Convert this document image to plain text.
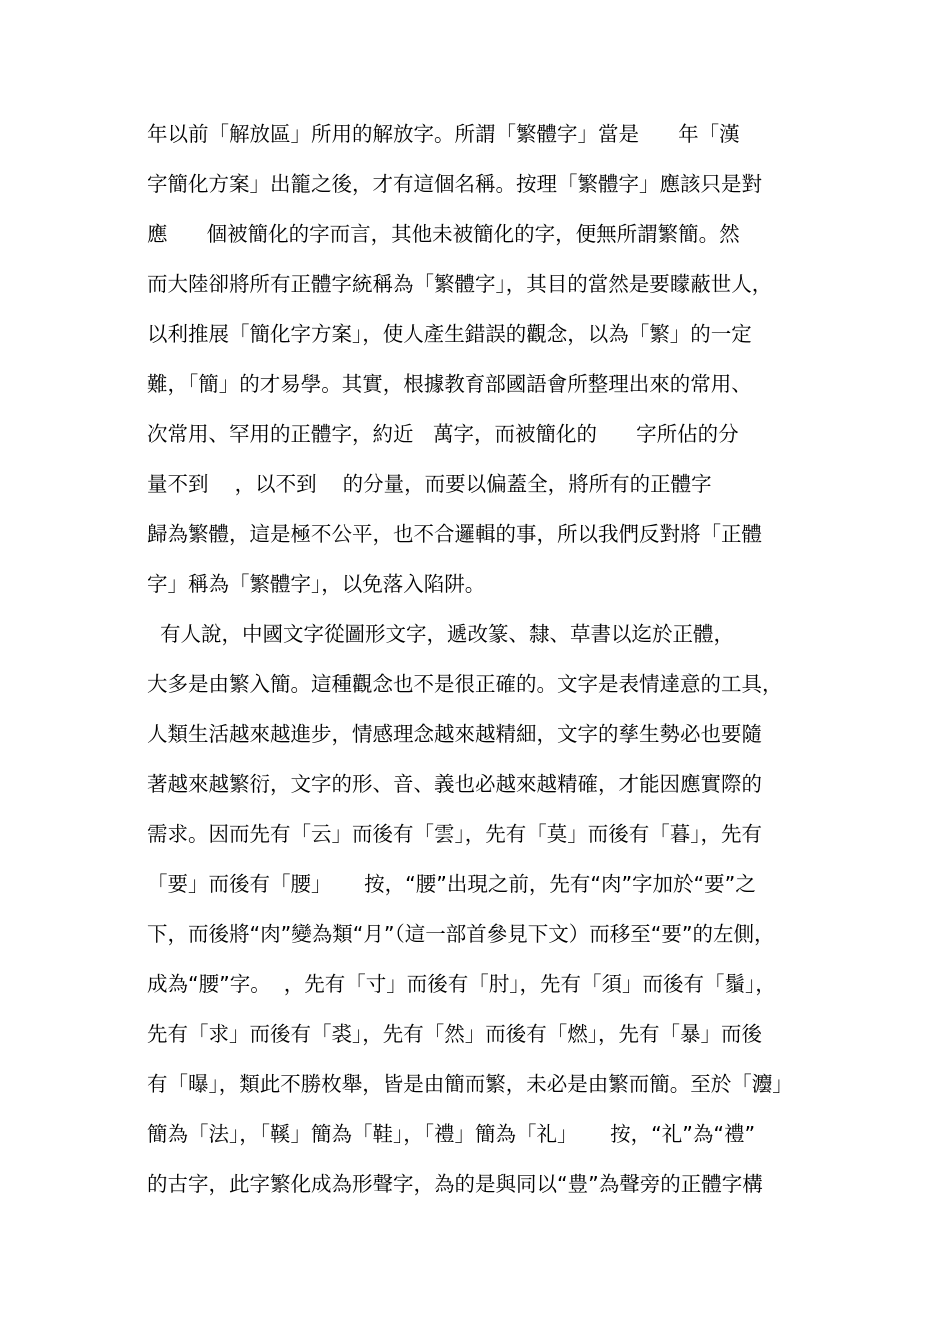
年以前「解放區」所用的解放字。所謂「繁體字」當是      年「漢
字簡化方案」出籠之後，才有這個名稱。按理「繁體字」應該只是對
應      個被簡化的字而言，其他未被簡化的字，便無所謂繁簡。然
而大陸卻將所有正體字統稱為「繁體字」，其目的當然是要矇蔽世人，
以利推展「簡化字方案」，使人產生錯誤的觀念，以為「繁」的一定
難，「簡」的才易學。其實，根據教育部國語會所整理出來的常用、
次常用、罕用的正體字，約近   萬字，而被簡化的      字所佔的分
量不到    ，以不到    的分量，而要以偏蓋全，將所有的正體字
歸為繁體，這是極不公平，也不合邏輯的事，所以我們反對將「正體
字」稱為「繁體字」，以免落入陷阱。
有人說，中國文字從圖形文字，遞改篆、隸、草書以迄於正體，
大多是由繁入簡。這種觀念也不是很正確的。文字是表情達意的工具，
人類生活越來越進步，情感理念越來越精細，文字的孳生勢必也要隨
著越來越繁衍，文字的形、音、義也必越來越精確，才能因應實際的
需求。因而先有「云」而後有「雲」，先有「莫」而後有「暮」，先有
「要」而後有「腰」     按，“腰”出現之前，先有“肉”字加於“要”之
下，而後將“肉”變為類“月”（這一部首參見下文）而移至“要”的左側，
成為“腰”字。  ，先有「寸」而後有「肘」，先有「須」而後有「鬚」，
先有「求」而後有「裘」，先有「然」而後有「燃」，先有「暴」而後
有「曝」，類此不勝枚舉，皆是由簡而繁，未必是由繁而簡。至於「灋」
簡為「法」，「鞵」簡為「鞋」，「禮」簡為「礼」     按，“礼”為“禮”
的古字，此字繁化成為形聲字，為的是與同以“豊”為聲旁的正體字構
